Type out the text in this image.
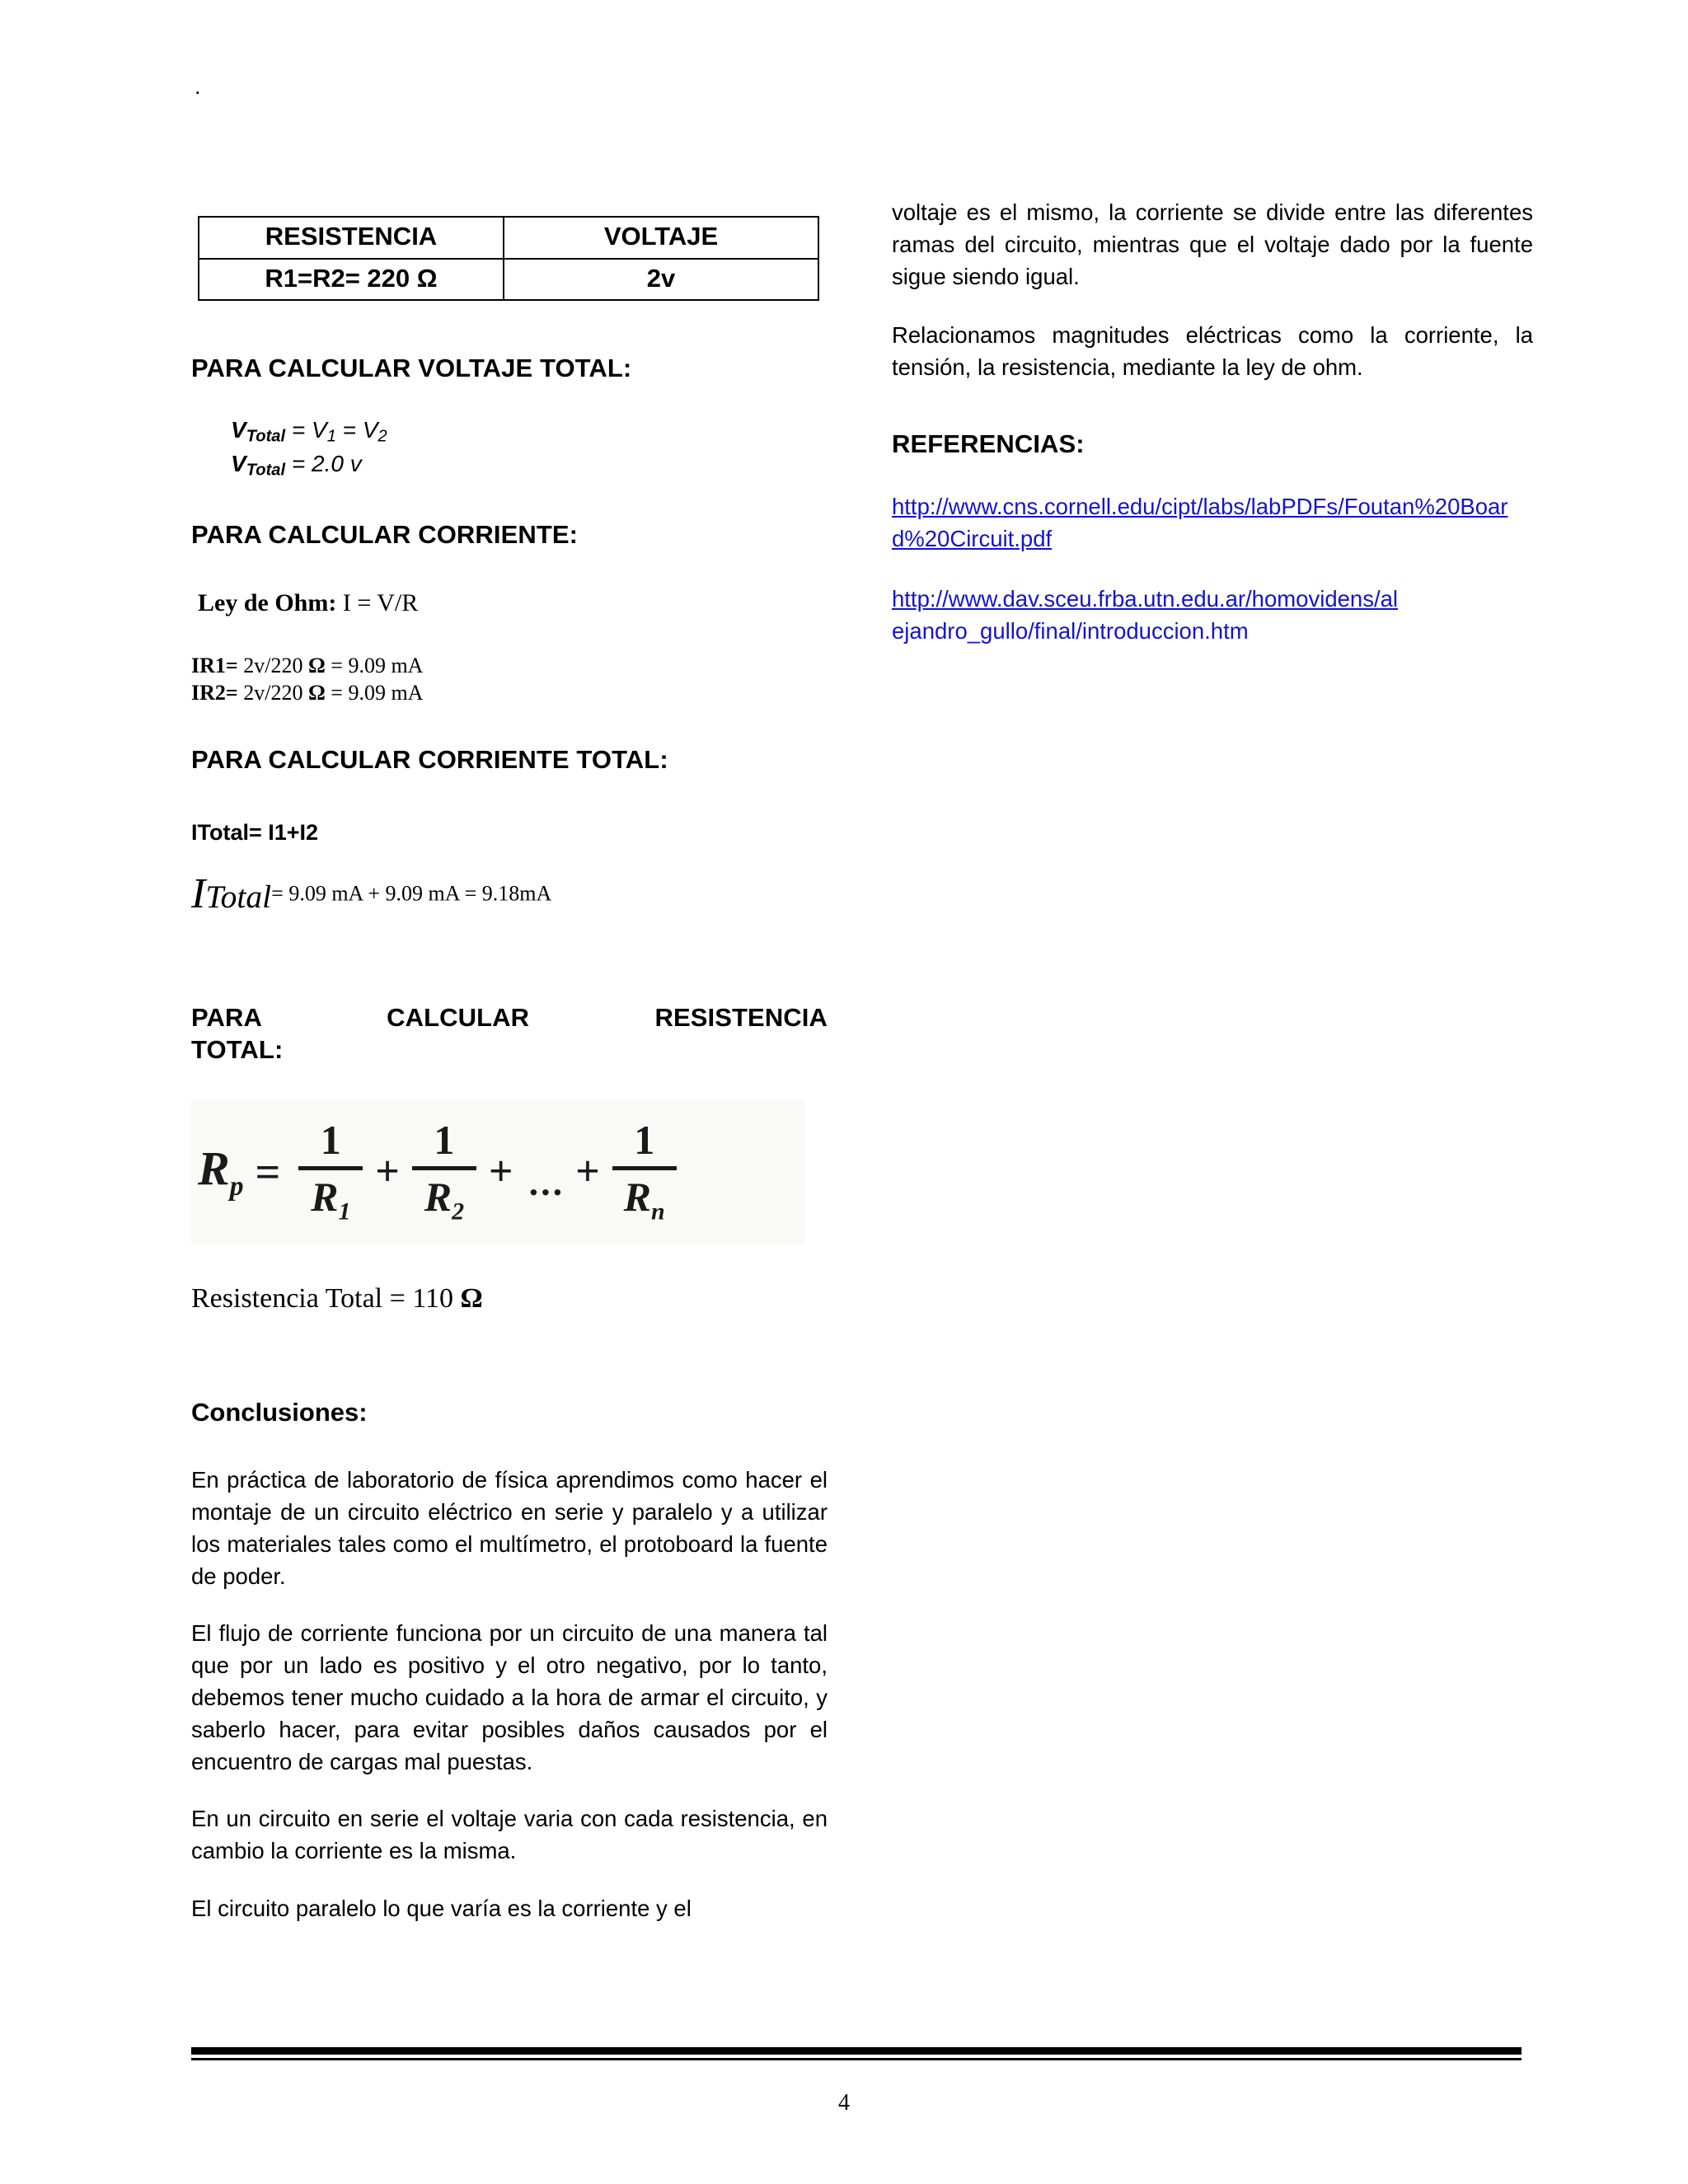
.
RESISTENCIA	VOLTAJE
R1=R2= 220 Ω	2v
PARA CALCULAR VOLTAJE TOTAL:
$V_{Total} = V1 = V2$
$V_{Total} = 2.0$ v
PARA CALCULAR CORRIENTE:
Ley de Ohm: I = V/R
IR1= 2v/220 Ω = 9.09 mA
IR2= 2v/220 Ω = 9.09 mA
PARA CALCULAR CORRIENTE TOTAL:
ITotal= I1+I2
ITotal= 9.09 mA + 9.09 mA = 9.18mA
PARA CALCULAR RESISTENCIA
TOTAL:
$R_p$ =
1
$R_1$
+
1
$R_2$
+ ... +
1
$R_n$
Resistencia Total = 110 Ω
Conclusiones:

En práctica de laboratorio de física aprendimos como hacer el montaje de un circuito eléctrico en serie y paralelo y a utilizar los materiales tales como el multímetro, el protoboard la fuente de poder.

El flujo de corriente funciona por un circuito de una manera tal que por un lado es positivo y el otro negativo, por lo tanto, debemos tener mucho cuidado a la hora de armar el circuito, y saberlo hacer, para evitar posibles daños causados por el encuentro de cargas mal puestas.

En un circuito en serie el voltaje varia con cada resistencia, en cambio la corriente es la misma.

El circuito paralelo lo que varía es la corriente y el

voltaje es el mismo, la corriente se divide entre las diferentes ramas del circuito, mientras que el voltaje dado por la fuente sigue siendo igual.

Relacionamos magnitudes eléctricas como la corriente, la tensión, la resistencia, mediante la ley de ohm.

REFERENCIAS:

http://www.cns.cornell.edu/cipt/labs/labPDFs/Foutan%20Board%20Circuit.pdf

http://www.dav.sceu.frba.utn.edu.ar/homovidens/alejandro_gullo/final/introduccion.htm

4
